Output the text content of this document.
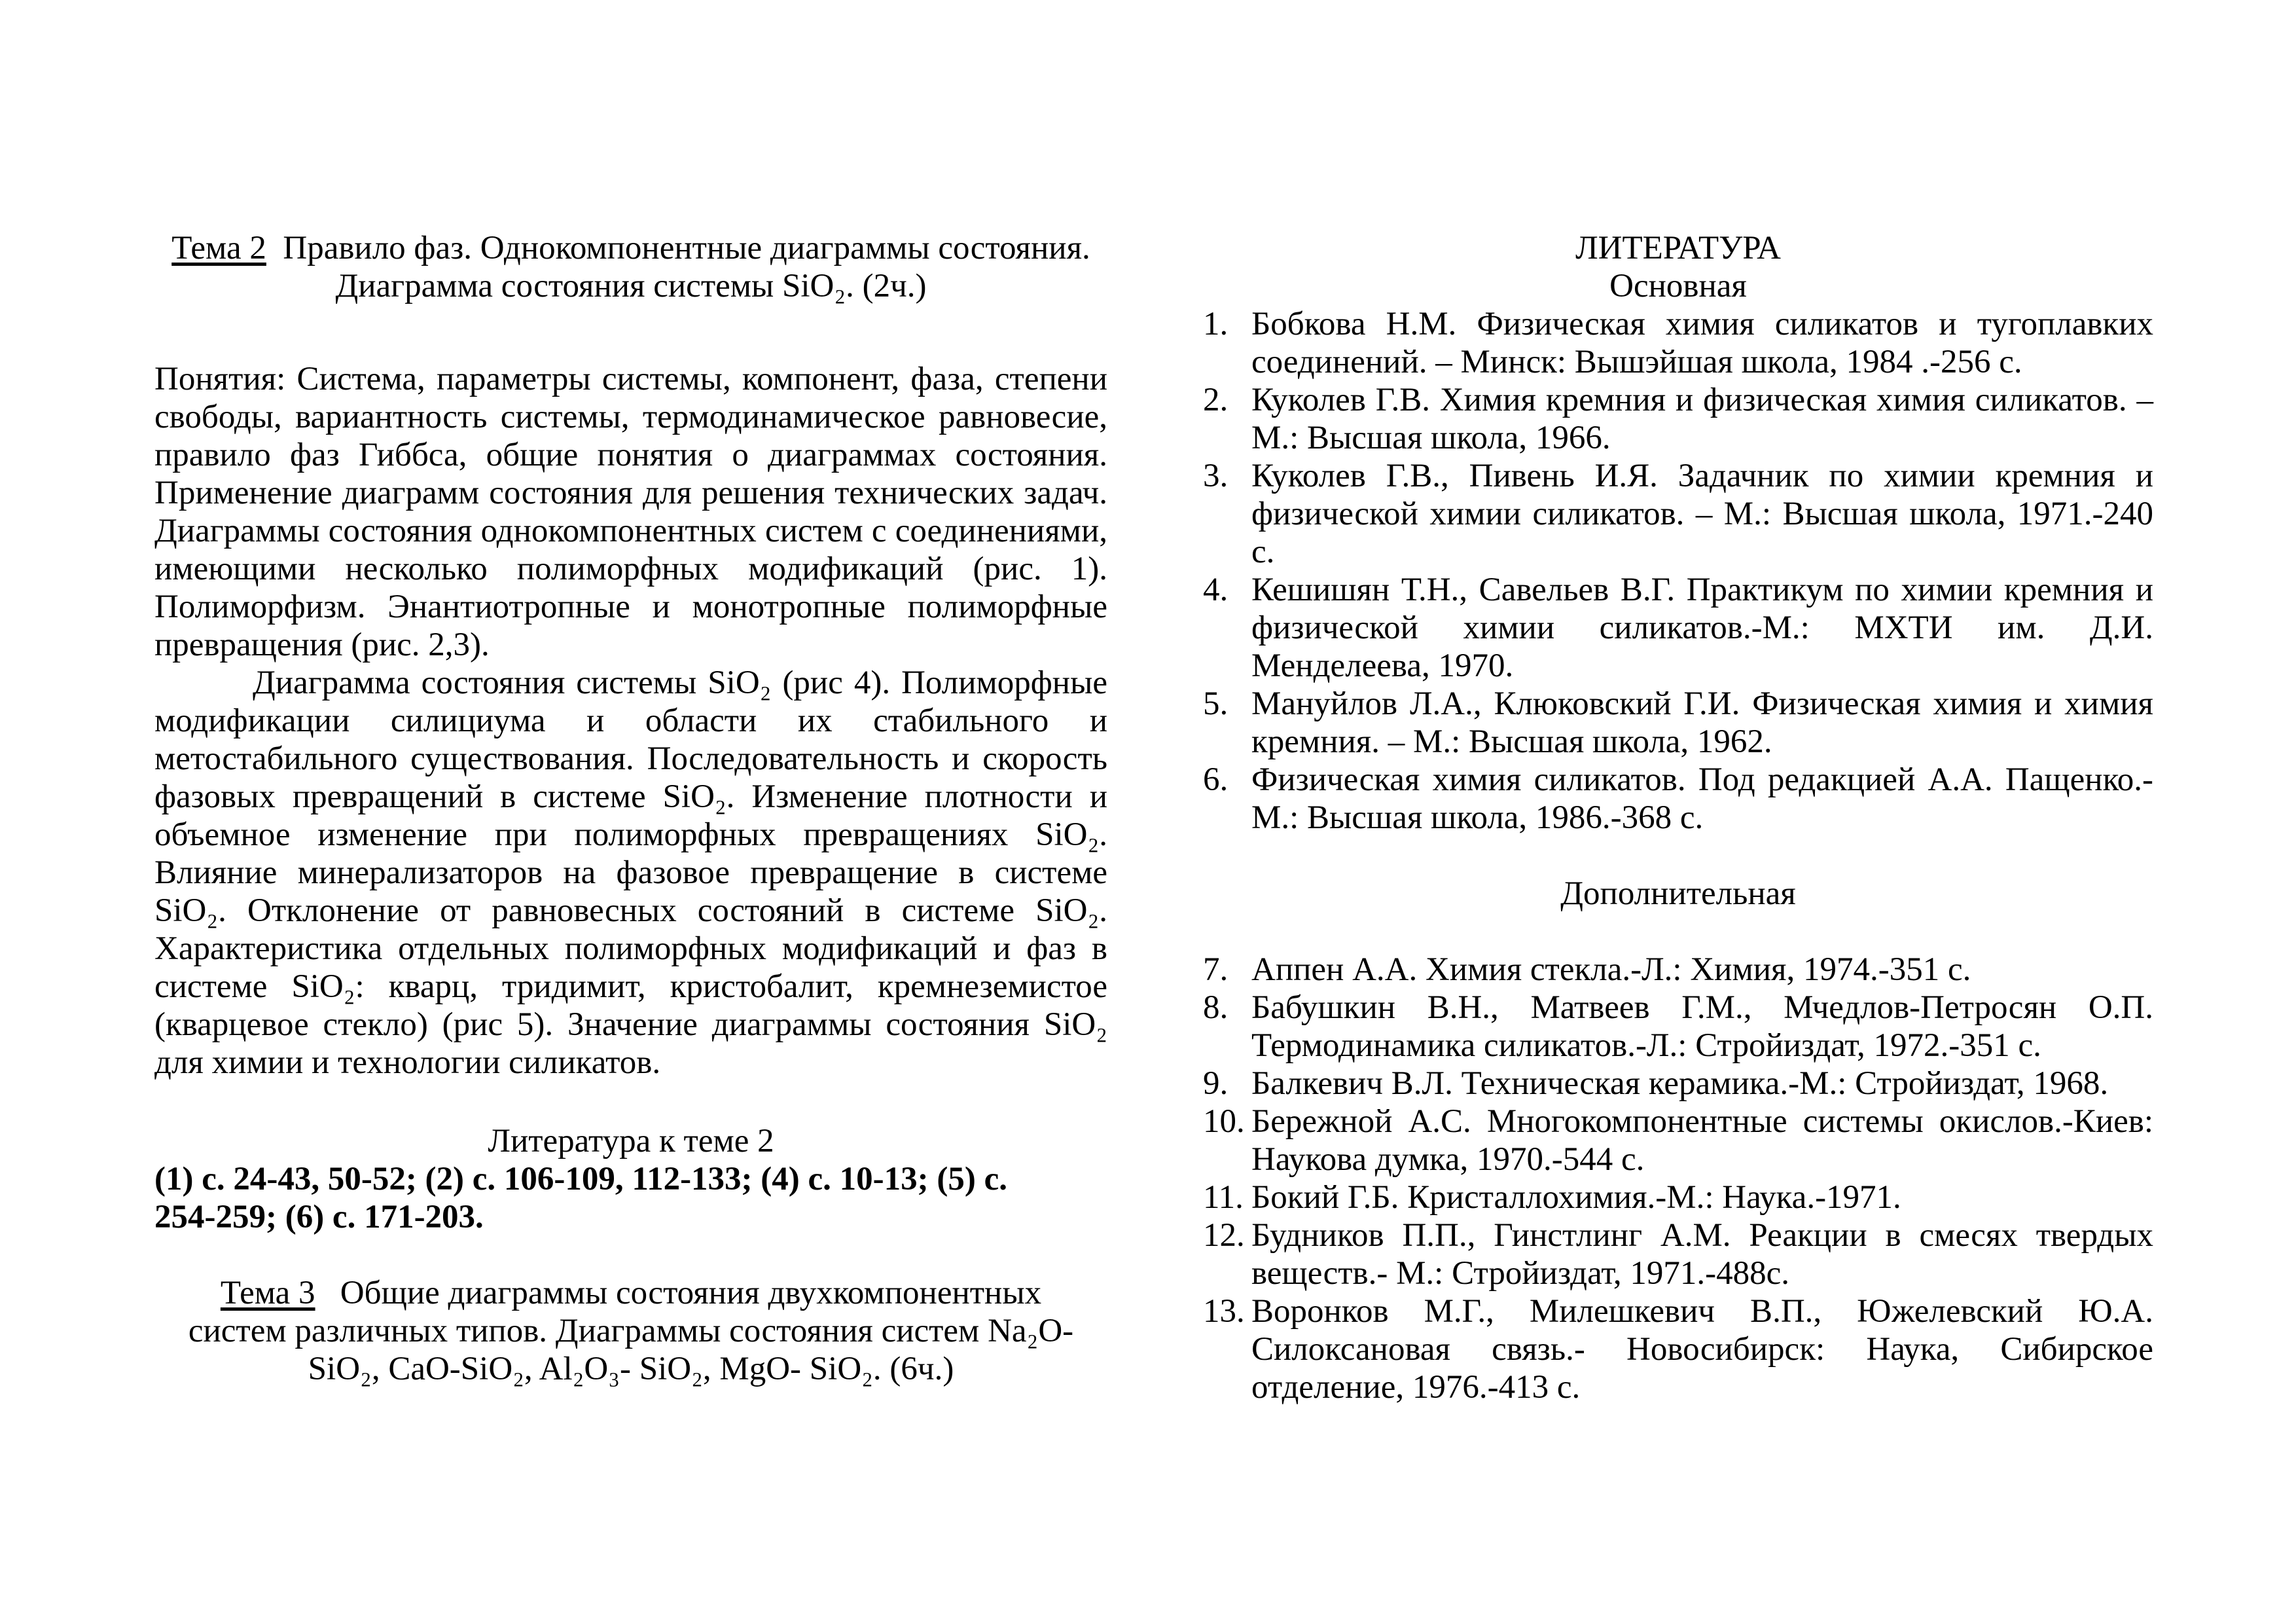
Тема 2 Правило фаз. Однокомпонентные диаграммы состояния.
Диаграмма состояния системы SiO₂. (2ч.)

Понятия: Система, параметры системы, компонент, фаза, степени свободы, вариантность системы, термодинамическое равновесие, правило фаз Гиббса, общие понятия о диаграммах состояния. Применение диаграмм состояния для решения технических задач. Диаграммы состояния однокомпонентных систем с соединениями, имеющими несколько полиморфных модификаций (рис. 1). Полиморфизм. Энантиотропные и монотропные полиморфные превращения (рис. 2,3).

Диаграмма состояния системы SiO₂ (рис 4). Полиморфные модификации силициума и области их стабильного и метостабильного существования. Последовательность и скорость фазовых превращений в системе SiO₂. Изменение плотности и объемное изменение при полиморфных превращениях SiO₂. Влияние минерализаторов на фазовое превращение в системе SiO₂. Отклонение от равновесных состояний в системе SiO₂. Характеристика отдельных полиморфных модификаций и фаз в системе SiO₂: кварц, тридимит, кристобалит, кремнеземистое (кварцевое стекло) (рис 5). Значение диаграммы состояния SiO₂ для химии и технологии силикатов.

Литература к теме 2

(1) с. 24-43, 50-52; (2) с. 106-109, 112-133; (4) с. 10-13; (5) с. 254-259; (6) с. 171-203.

Тема 3 Общие диаграммы состояния двухкомпонентных систем различных типов. Диаграммы состояния систем Na₂O-SiO₂, CaO-SiO₂, Al₂O₃- SiO₂, MgO- SiO₂. (6ч.)

ЛИТЕРАТУРА

Основная

1. Бобкова Н.М. Физическая химия силикатов и тугоплавких соединений. – Минск: Вышэйшая школа, 1984 .-256 с.
2. Куколев Г.В. Химия кремния и физическая химия силикатов. – М.: Высшая школа, 1966.
3. Куколев Г.В., Пивень И.Я. Задачник по химии кремния и физической химии силикатов. – М.: Высшая школа, 1971.-240 с.
4. Кешишян Т.Н., Савельев В.Г. Практикум по химии кремния и физической химии силикатов.-М.: МХТИ им. Д.И. Менделеева, 1970.
5. Мануйлов Л.А., Клюковский Г.И. Физическая химия и химия кремния. – М.: Высшая школа, 1962.
6. Физическая химия силикатов. Под редакцией А.А. Пащенко.-М.: Высшая школа, 1986.-368 с.

Дополнительная

7. Аппен А.А. Химия стекла.-Л.: Химия, 1974.-351 с.
8. Бабушкин В.Н., Матвеев Г.М., Мчедлов-Петросян О.П. Термодинамика силикатов.-Л.: Стройиздат, 1972.-351 с.
9. Балкевич В.Л. Техническая керамика.-М.: Стройиздат, 1968.
10. Бережной А.С. Многокомпонентные системы окислов.-Киев: Наукова думка, 1970.-544 с.
11. Бокий Г.Б. Кристаллохимия.-М.: Наука.-1971.
12. Будников П.П., Гинстлинг А.М. Реакции в смесях твердых веществ.- М.: Стройиздат, 1971.-488с.
13. Воронков М.Г., Милешкевич В.П., Южелевский Ю.А. Силоксановая связь.- Новосибирск: Наука, Сибирское отделение, 1976.-413 с.
